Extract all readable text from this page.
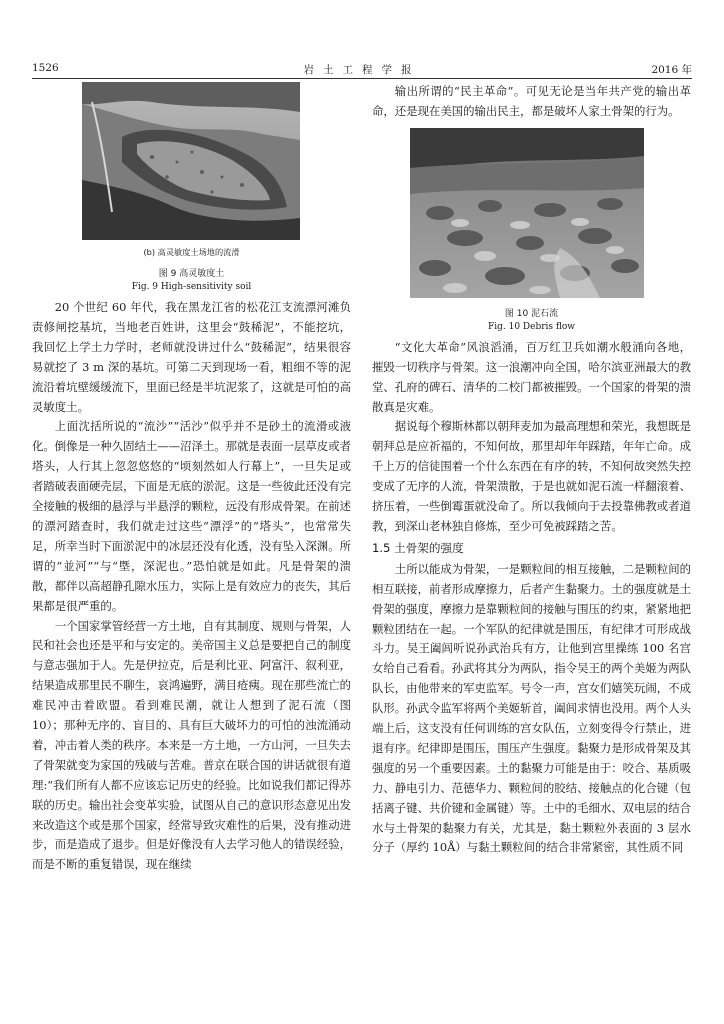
1526	岩土工程学报	2016 年
(b) 高灵敏度土场地的流滑
图 9 高灵敏度土
Fig. 9 High-sensitivity soil

20 个世纪 60 年代，我在黑龙江省的松花江支流漂河滩负责修闸挖基坑，当地老百姓讲，这里会“鼓稀泥”，不能挖坑，我回忆上学土力学时，老师就没讲过什么“鼓稀泥”，结果很容易就挖了 3 m 深的基坑。可第二天到现场一看，粗细不等的泥流沿着坑壁缓缓流下，里面已经是半坑泥浆了，这就是可怕的高灵敏度土。

上面沈括所说的“流沙”“活沙”似乎并不是砂土的流滑或液化。倒像是一种久固结土——沼泽土。那就是表面一层草皮或者塔头，人行其上忽忽悠悠的“顷刻然如人行幕上”，一旦失足或者踏破表面硬壳层，下面是无底的淤泥。这是一些彼此还没有完全接触的极细的悬浮与半悬浮的颗粒，远没有形成骨架。在前述的漂河踏查时，我们就走过这些“漂浮”的“塔头”，也常常失足，所幸当时下面淤泥中的冰层还没有化透，没有坠入深渊。所谓的“並河”“与“塈，深泥也。”恐怕就是如此。凡是骨架的溃散，都伴以高超静孔隙水压力，实际上是有效应力的丧失，其后果都是很严重的。

一个国家掌管经营一方土地，自有其制度、规则与骨架，人民和社会也还是平和与安定的。美帝国主义总是要把自己的制度与意志强加于人。先是伊拉克，后是利比亚、阿富汗、叙利亚，结果造成那里民不聊生，哀鸿遍野，满目疮痍。现在那些流亡的难民冲击着欧盟。看到难民潮，就让人想到了泥石流（图 10）；那种无序的、盲目的、具有巨大破坏力的可怕的浊流涌动着，冲击着人类的秩序。本来是一方土地，一方山河，一旦失去了骨架就变为家国的残破与苦难。普京在联合国的讲话就很有道理:“我们所有人都不应该忘记历史的经验。比如说我们都记得苏联的历史。输出社会变革实验，试图从自己的意识形态意见出发来改造这个或是那个国家，经常导致灾难性的后果，没有推动进步，而是造成了退步。但是好像没有人去学习他人的错误经验，而是不断的重复错误，现在继续

输出所谓的“民主革命”。可见无论是当年共产党的输出革命，还是现在美国的输出民主，都是破坏人家土骨架的行为。

图 10 泥石流
Fig. 10 Debris flow

“文化大革命”风浪滔涌，百万红卫兵如潮水般涌向各地，摧毁一切秩序与骨架。这一浪潮冲向全国，哈尔滨亚洲最大的教堂、孔府的碑石、清华的二校门都被摧毁。一个国家的骨架的溃散真是灾难。

据说每个穆斯林都以朝拜麦加为最高理想和荣光，我想既是朝拜总是应祈福的，不知何故，那里却年年踩踏，年年亡命。成千上万的信徒围着一个什么东西在有序的转，不知何故突然失控变成了无序的人流，骨架溃散，于是也就如泥石流一样翻滚着、挤压着，一些倒霉蛋就没命了。所以我倾向于去投靠佛教或者道教，到深山老林独自修炼，至少可免被踩踏之苦。

1.5 土骨架的强度

土所以能成为骨架，一是颗粒间的相互接触，二是颗粒间的相互联接，前者形成摩擦力，后者产生黏聚力。土的强度就是土骨架的强度，摩擦力是靠颗粒间的接触与围压的约束，紧紧地把颗粒团结在一起。一个军队的纪律就是围压，有纪律才可形成战斗力。吴王阖闾听说孙武治兵有方，让他到宫里操练 100 名宫女给自己看看。孙武将其分为两队，指令吴王的两个美姬为两队队长，由他带来的军吏监军。号令一声，宫女们嬉笑玩闹，不成队形。孙武令监军将两个美姬斩首，阖闾求情也没用。两个人头端上后，这支没有任何训练的宫女队伍，立刻变得令行禁止，进退有序。纪律即是围压，围压产生强度。黏聚力是形成骨架及其强度的另一个重要因素。土的黏聚力可能是由于：咬合、基质吸力、静电引力、范德华力、颗粒间的胶结、接触点的化合键（包括离子键、共价键和金属键）等。土中的毛细水、双电层的结合水与土骨架的黏聚力有关，尤其是，黏土颗粒外表面的 3 层水分子（厚约 10Å）与黏土颗粒间的结合非常紧密，其性质不同
